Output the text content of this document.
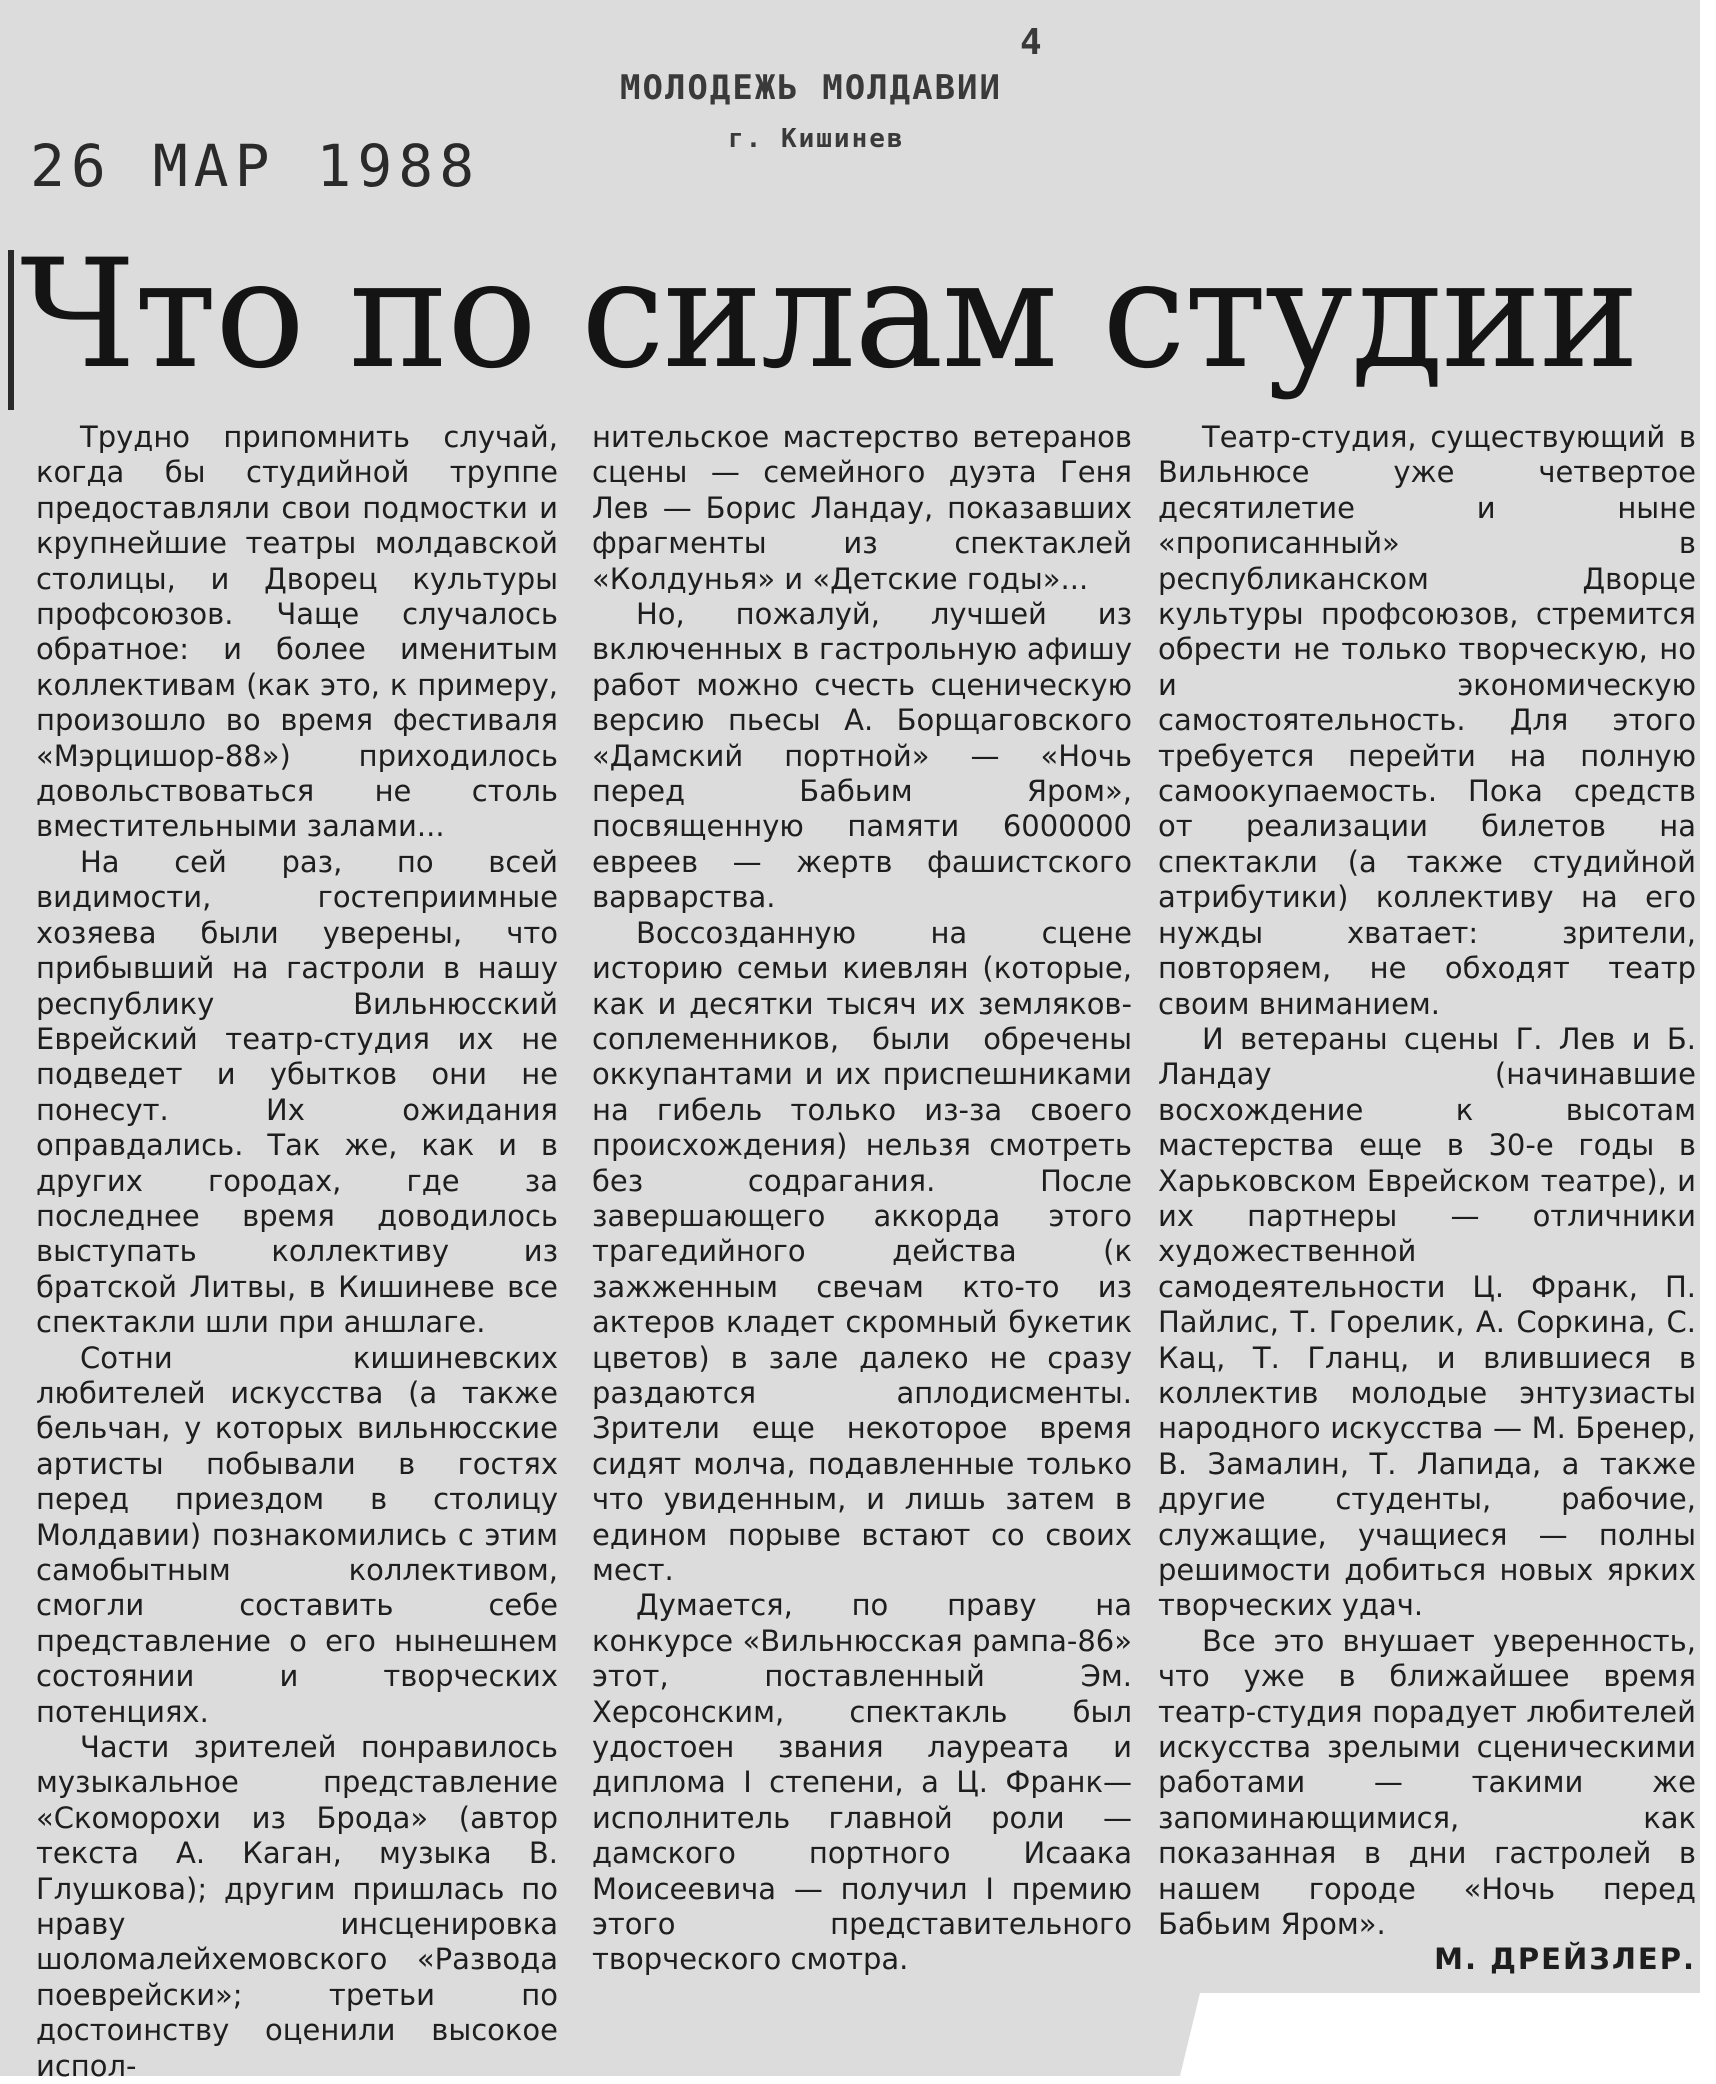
МОЛОДЕЖЬ МОЛДАВИИ
г. Кишинев
4
26 МАР 1988
Что по силам студии

Трудно припомнить случай, когда бы студийной труппе предоставляли свои подмостки и крупнейшие театры молдавской столицы, и Дворец культуры профсоюзов. Чаще случалось обратное: и более именитым коллективам (как это, к примеру, произошло во время фестиваля «Мэрцишор-88») приходилось довольствоваться не столь вместительными залами...

На сей раз, по всей видимости, гостеприимные хозяева были уверены, что прибывший на гастроли в нашу республику Вильнюсский Еврейский театр-студия их не подведет и убытков они не понесут. Их ожидания оправдались. Так же, как и в других городах, где за последнее время доводилось выступать коллективу из братской Литвы, в Кишиневе все спектакли шли при аншлаге.

Сотни кишиневских любителей искусства (а также бельчан, у которых вильнюсские артисты побывали в гостях перед приездом в столицу Молдавии) познакомились с этим самобытным коллективом, смогли составить себе представление о его нынешнем состоянии и творческих потенциях.

Части зрителей понравилось музыкальное представление «Скоморохи из Брода» (автор текста А. Каган, музыка В. Глушкова); другим пришлась по нраву инсценировка шоломалейхемовского «Развода поеврейски»; третьи по достоинству оценили высокое испол-

нительское мастерство ветеранов сцены — семейного дуэта Геня Лев — Борис Ландау, показавших фрагменты из спектаклей «Колдунья» и «Детские годы»...

Но, пожалуй, лучшей из включенных в гастрольную афишу работ можно счесть сценическую версию пьесы А. Борщаговского «Дамский портной» — «Ночь перед Бабьим Яром», посвященную памяти 6000000 евреев — жертв фашистского варварства.

Воссозданную на сцене историю семьи киевлян (которые, как и десятки тысяч их земляков-соплеменников, были обречены оккупантами и их приспешниками на гибель только из-за своего происхождения) нельзя смотреть без содрагания. После завершающего аккорда этого трагедийного действа (к зажженным свечам кто-то из актеров кладет скромный букетик цветов) в зале далеко не сразу раздаются аплодисменты. Зрители еще некоторое время сидят молча, подавленные только что увиденным, и лишь затем в едином порыве встают со своих мест.

Думается, по праву на конкурсе «Вильнюсская рампа-86» этот, поставленный Эм. Херсонским, спектакль был удостоен звания лауреата и диплома I степени, а Ц. Франк—исполнитель главной роли — дамского портного Исаака Моисеевича — получил I премию этого представительного творческого смотра.

Театр-студия, существующий в Вильнюсе уже четвертое десятилетие и ныне «прописанный» в республиканском Дворце культуры профсоюзов, стремится обрести не только творческую, но и экономическую самостоятельность. Для этого требуется перейти на полную самоокупаемость. Пока средств от реализации билетов на спектакли (а также студийной атрибутики) коллективу на его нужды хватает: зрители, повторяем, не обходят театр своим вниманием.

И ветераны сцены Г. Лев и Б. Ландау (начинавшие восхождение к высотам мастерства еще в 30-е годы в Харьковском Еврейском театре), и их партнеры — отличники художественной самодеятельности Ц. Франк, П. Пайлис, Т. Горелик, А. Соркина, С. Кац, Т. Гланц, и влившиеся в коллектив молодые энтузиасты народного искусства — М. Бренер, В. Замалин, Т. Лапида, а также другие студенты, рабочие, служащие, учащиеся — полны решимости добиться новых ярких творческих удач.

Все это внушает уверенность, что уже в ближайшее время театр-студия порадует любителей искусства зрелыми сценическими работами — такими же запоминающимися, как показанная в дни гастролей в нашем городе «Ночь перед Бабьим Яром».

М. ДРЕЙЗЛЕР.
